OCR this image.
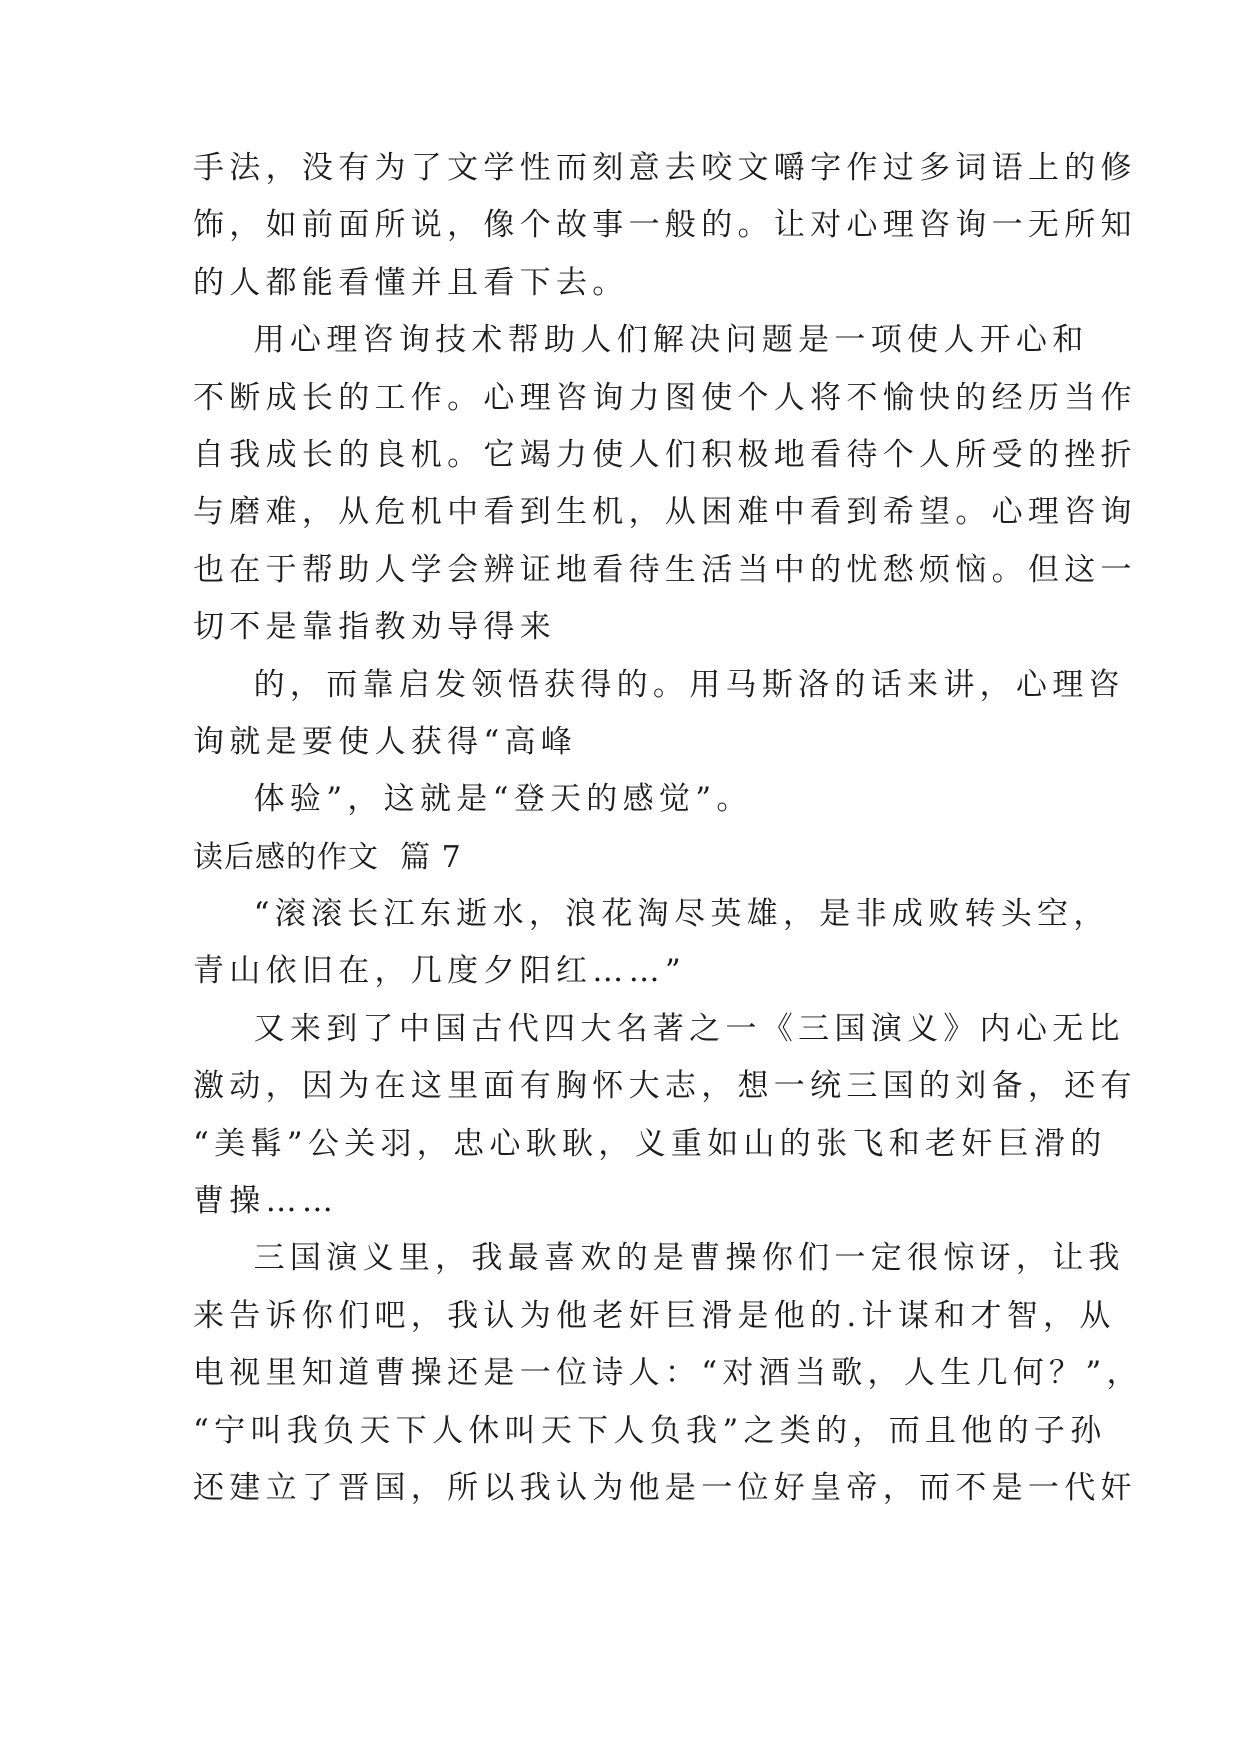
手法，没有为了文学性而刻意去咬文嚼字作过多词语上的修
饰，如前面所说，像个故事一般的。让对心理咨询一无所知
的人都能看懂并且看下去。
用心理咨询技术帮助人们解决问题是一项使人开心和
不断成长的工作。心理咨询力图使个人将不愉快的经历当作
自我成长的良机。它竭力使人们积极地看待个人所受的挫折
与磨难，从危机中看到生机，从困难中看到希望。心理咨询
也在于帮助人学会辨证地看待生活当中的忧愁烦恼。但这一
切不是靠指教劝导得来
的，而靠启发领悟获得的。用马斯洛的话来讲，心理咨
询就是要使人获得“高峰
体验”，这就是“登天的感觉”。
读后感的作文  篇 7
“滚滚长江东逝水，浪花淘尽英雄，是非成败转头空，
青山依旧在，几度夕阳红……”
又来到了中国古代四大名著之一《三国演义》内心无比
激动，因为在这里面有胸怀大志，想一统三国的刘备，还有
“美髯”公关羽，忠心耿耿，义重如山的张飞和老奸巨滑的
曹操……
三国演义里，我最喜欢的是曹操你们一定很惊讶，让我
来告诉你们吧，我认为他老奸巨滑是他的.计谋和才智，从
电视里知道曹操还是一位诗人：“对酒当歌，人生几何？”，
“宁叫我负天下人休叫天下人负我”之类的，而且他的子孙
还建立了晋国，所以我认为他是一位好皇帝，而不是一代奸
